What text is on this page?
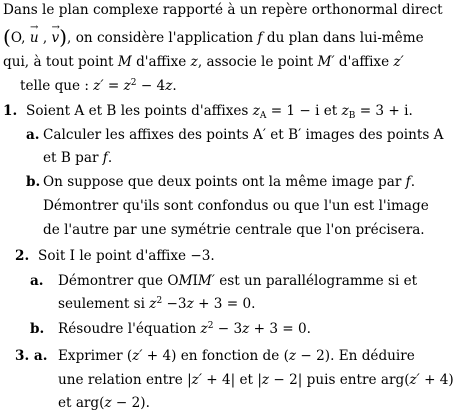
Dans le plan complexe rapporté à un repère orthonormal direct
(O, → u , → v), on considère l'application f du plan dans lui-même
qui, à tout point M d'affixe z, associe le point M′ d'affixe z′
telle que : $z' = z^2 - 4z$.
1. Soient A et B les points d'affixes $z_A = 1 - i$ et $z_B = 3 + i$.
a. Calculer les affixes des points A′ et B′ images des points A
et B par f.
b. On suppose que deux points ont la même image par f.
Démontrer qu'ils sont confondus ou que l'un est l'image
de l'autre par une symétrie centrale que l'on précisera.
2. Soit I le point d'affixe −3.
a. Démontrer que OMIM′ est un parallélogramme si et
seulement si $z^2 -3z + 3 = 0$.
b. Résoudre l'équation $z^2 - 3z + 3 = 0$.
3. a. Exprimer (z′ + 4) en fonction de (z − 2). En déduire
une relation entre |z′ + 4| et |z − 2| puis entre arg(z′ + 4)
et arg(z − 2).
